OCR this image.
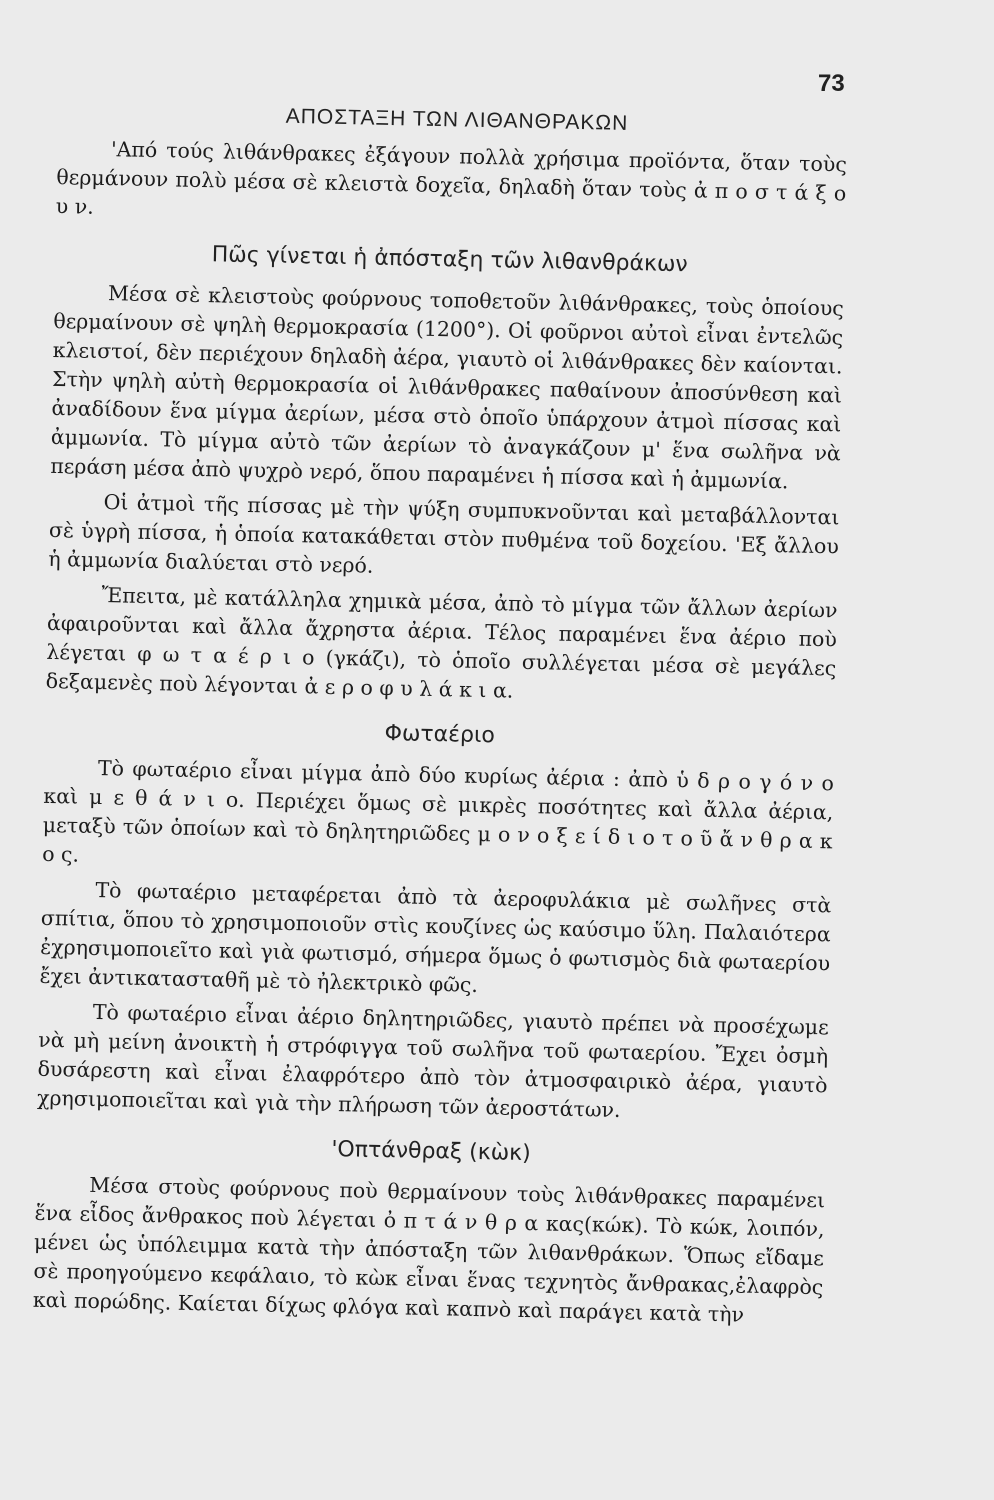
73
ΑΠΟΣΤΑΞΗ ΤΩΝ ΛΙΘΑΝΘΡΑΚΩΝ

'Από τούς λιθάνθρακες ἐξάγουν πολλὰ χρήσιμα προϊόντα, ὅταν τοὺς θερμάνουν πολὺ μέσα σὲ κλειστὰ δοχεῖα, δηλαδὴ ὅταν τοὺς ἀ π ο σ τ ά ξ ο υ ν.

Πῶς γίνεται ἡ ἀπόσταξη τῶν λιθανθράκων

Μέσα σὲ κλειστοὺς φούρνους τοποθετοῦν λιθάνθρακες, τοὺς ὁποίους θερμαίνουν σὲ ψηλὴ θερμοκρασία (1200°). Οἱ φοῦρνοι αὐτοὶ εἶναι ἐντελῶς κλειστοί, δὲν περιέχουν δηλαδὴ ἀέρα, γιαυτὸ οἱ λιθάνθρακες δὲν καίονται. Στὴν ψηλὴ αὐτὴ θερμοκρασία οἱ λιθάνθρακες παθαίνουν ἀποσύνθεση καὶ ἀναδίδουν ἕνα μίγμα ἀερίων, μέσα στὸ ὁποῖο ὑπάρχουν ἀτμοὶ πίσσας καὶ ἀμμωνία. Τὸ μίγμα αὐτὸ τῶν ἀερίων τὸ ἀναγκάζουν μ' ἕνα σωλῆνα νὰ περάση μέσα ἀπὸ ψυχρὸ νερό, ὅπου παραμένει ἡ πίσσα καὶ ἡ ἀμμωνία.

Οἱ ἀτμοὶ τῆς πίσσας μὲ τὴν ψύξη συμπυκνοῦνται καὶ μεταβάλλονται σὲ ὑγρὴ πίσσα, ἡ ὁποία κατακάθεται στὸν πυθμένα τοῦ δοχείου. 'Εξ ἄλλου ἡ ἀμμωνία διαλύεται στὸ νερό.

Ἔπειτα, μὲ κατάλληλα χημικὰ μέσα, ἀπὸ τὸ μίγμα τῶν ἄλλων ἀερίων ἀφαιροῦνται καὶ ἄλλα ἄχρηστα ἀέρια. Τέλος παραμένει ἕνα ἀέριο ποὺ λέγεται φ ω τ α έ ρ ι ο (γκάζι), τὸ ὁποῖο συλλέγεται μέσα σὲ μεγάλες δεξαμενὲς ποὺ λέγονται ἀ ε ρ ο φ υ λ ά κ ι α.

Φωταέριο

Τὸ φωταέριο εἶναι μίγμα ἀπὸ δύο κυρίως ἀέρια : ἀπὸ ὑ δ ρ ο γ ό ν ο καὶ μ ε θ ά ν ι ο. Περιέχει ὅμως σὲ μικρὲς ποσότητες καὶ ἄλλα ἀέρια, μεταξὺ τῶν ὁποίων καὶ τὸ δηλητηριῶδες μ ο ν ο ξ ε ί δ ι ο τ ο ῦ ἄ ν θ ρ α κ ο ς.

Τὸ φωταέριο μεταφέρεται ἀπὸ τὰ ἀεροφυλάκια μὲ σωλῆνες στὰ σπίτια, ὅπου τὸ χρησιμοποιοῦν στὶς κουζίνες ὡς καύσιμο ὕλη. Παλαιότερα ἐχρησιμοποιεῖτο καὶ γιὰ φωτισμό, σήμερα ὅμως ὁ φωτισμὸς διὰ φωταερίου ἔχει ἀντικατασταθῆ μὲ τὸ ἠλεκτρικὸ φῶς.

Τὸ φωταέριο εἶναι ἀέριο δηλητηριῶδες, γιαυτὸ πρέπει νὰ προσέχωμε νὰ μὴ μείνη ἀνοικτὴ ἡ στρόφιγγα τοῦ σωλῆνα τοῦ φωταερίου. Ἔχει ὀσμὴ δυσάρεστη καὶ εἶναι ἐλαφρότερο ἀπὸ τὸν ἀτμοσφαιρικὸ ἀέρα, γιαυτὸ χρησιμοποιεῖται καὶ γιὰ τὴν πλήρωση τῶν ἀεροστάτων.

'Οπτάνθραξ (κὼκ)

Μέσα στοὺς φούρνους ποὺ θερμαίνουν τοὺς λιθάνθρακες παραμένει ἕνα εἶδος ἄνθρακος ποὺ λέγεται ὀ π τ ά ν θ ρ α κας(κώκ). Τὸ κώκ, λοιπόν, μένει ὡς ὑπόλειμμα κατὰ τὴν ἀπόσταξη τῶν λιθανθράκων. Ὅπως εἴδαμε σὲ προηγούμενο κεφάλαιο, τὸ κὼκ εἶναι ἕνας τεχνητὸς ἄνθρακας,ἐλαφρὸς καὶ πορώδης. Καίεται δίχως φλόγα καὶ καπνὸ καὶ παράγει κατὰ τὴν
